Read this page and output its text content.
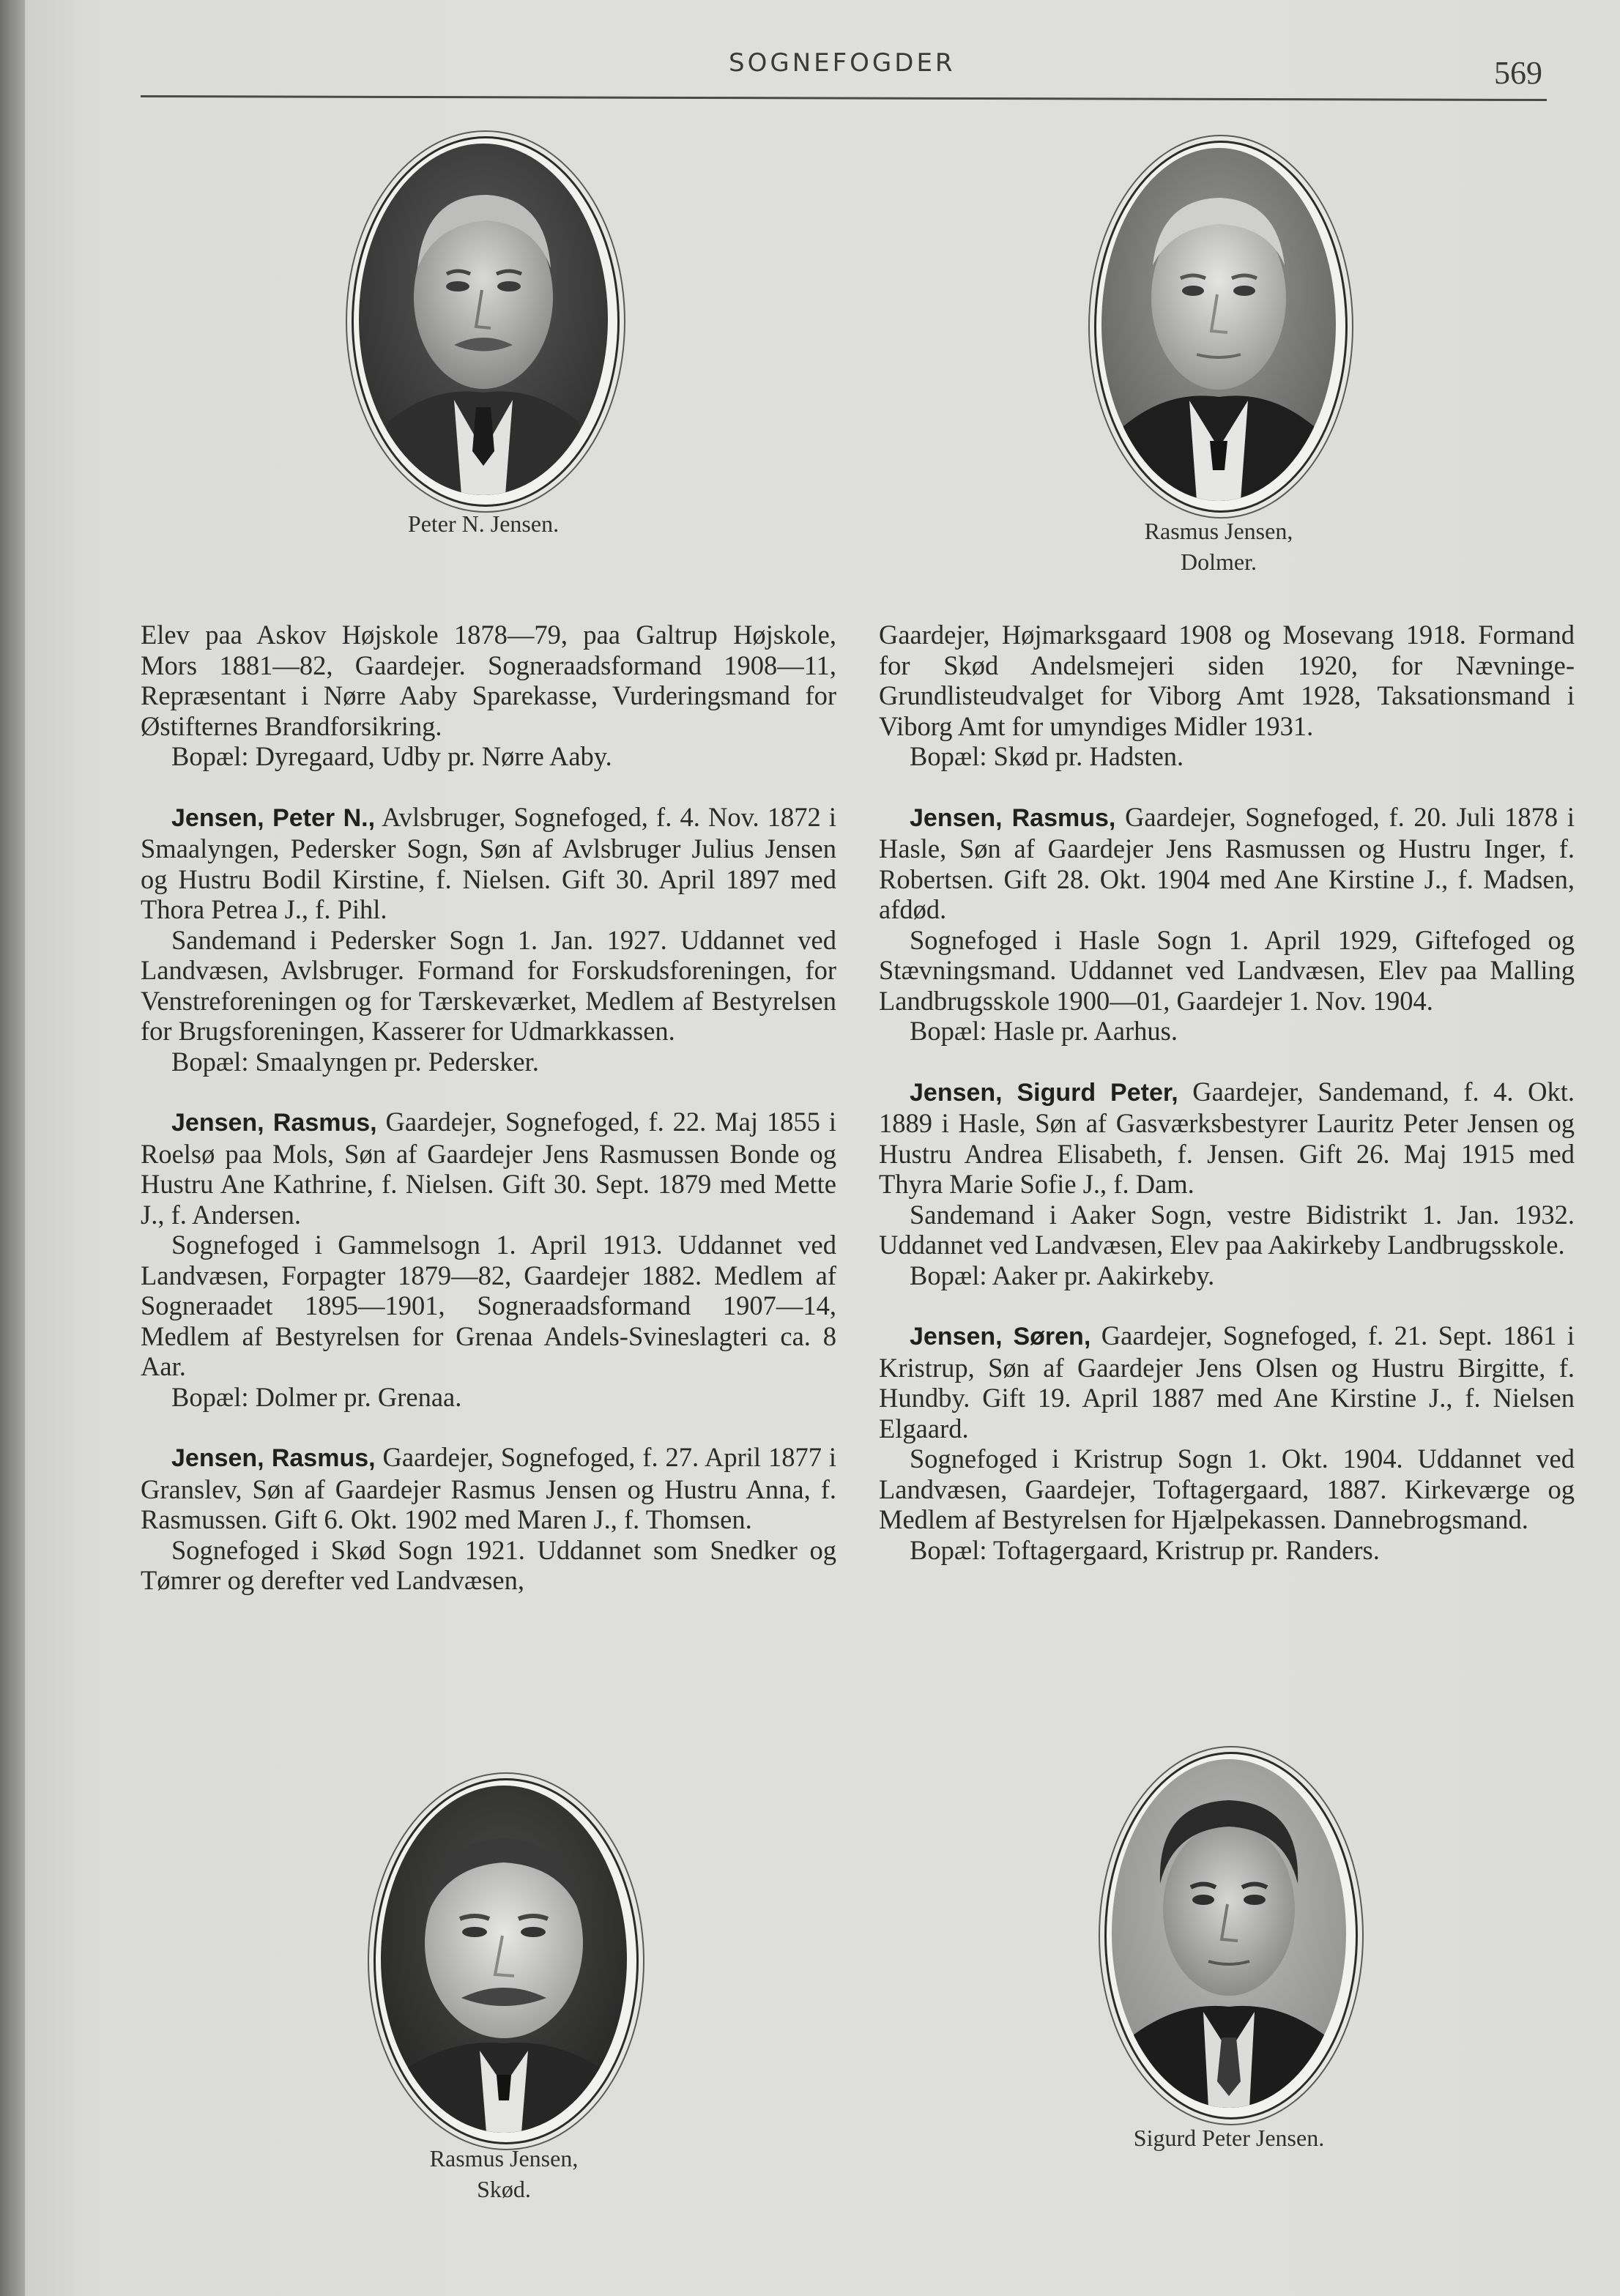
SOGNEFOGDER	569
Peter N. Jensen.	Rasmus Jensen,
Dolmer.

Elev paa Askov Højskole 1878—79, paa Galtrup Højskole, Mors 1881—82, Gaardejer. Sogneraadsformand 1908—11, Repræsentant i Nørre Aaby Sparekasse, Vurderingsmand for Østifternes Brandforsikring.

Bopæl: Dyregaard, Udby pr. Nørre Aaby.

Jensen, Peter N., Avlsbruger, Sognefoged, f. 4. Nov. 1872 i Smaalyngen, Pedersker Sogn, Søn af Avlsbruger Julius Jensen og Hustru Bodil Kirstine, f. Nielsen. Gift 30. April 1897 med Thora Petrea J., f. Pihl.

Sandemand i Pedersker Sogn 1. Jan. 1927. Uddannet ved Landvæsen, Avlsbruger. Formand for Forskudsforeningen, for Venstreforeningen og for Tærskeværket, Medlem af Bestyrelsen for Brugsforeningen, Kasserer for Udmarkkassen.

Bopæl: Smaalyngen pr. Pedersker.

Jensen, Rasmus, Gaardejer, Sognefoged, f. 22. Maj 1855 i Roelsø paa Mols, Søn af Gaardejer Jens Rasmussen Bonde og Hustru Ane Kathrine, f. Nielsen. Gift 30. Sept. 1879 med Mette J., f. Andersen.

Sognefoged i Gammelsogn 1. April 1913. Uddannet ved Landvæsen, Forpagter 1879—82, Gaardejer 1882. Medlem af Sogneraadet 1895—1901, Sogneraadsformand 1907—14, Medlem af Bestyrelsen for Grenaa Andels-Svineslagteri ca. 8 Aar.

Bopæl: Dolmer pr. Grenaa.

Jensen, Rasmus, Gaardejer, Sognefoged, f. 27. April 1877 i Granslev, Søn af Gaardejer Rasmus Jensen og Hustru Anna, f. Rasmussen. Gift 6. Okt. 1902 med Maren J., f. Thomsen.

Sognefoged i Skød Sogn 1921. Uddannet som Snedker og Tømrer og derefter ved Landvæsen,

Gaardejer, Højmarksgaard 1908 og Mosevang 1918. Formand for Skød Andelsmejeri siden 1920, for Nævninge-Grundlisteudvalget for Viborg Amt 1928, Taksationsmand i Viborg Amt for umyndiges Midler 1931.

Bopæl: Skød pr. Hadsten.

Jensen, Rasmus, Gaardejer, Sognefoged, f. 20. Juli 1878 i Hasle, Søn af Gaardejer Jens Rasmussen og Hustru Inger, f. Robertsen. Gift 28. Okt. 1904 med Ane Kirstine J., f. Madsen, afdød.

Sognefoged i Hasle Sogn 1. April 1929, Giftefoged og Stævningsmand. Uddannet ved Landvæsen, Elev paa Malling Landbrugsskole 1900—01, Gaardejer 1. Nov. 1904.

Bopæl: Hasle pr. Aarhus.

Jensen, Sigurd Peter, Gaardejer, Sandemand, f. 4. Okt. 1889 i Hasle, Søn af Gasværksbestyrer Lauritz Peter Jensen og Hustru Andrea Elisabeth, f. Jensen. Gift 26. Maj 1915 med Thyra Marie Sofie J., f. Dam.

Sandemand i Aaker Sogn, vestre Bidistrikt 1. Jan. 1932. Uddannet ved Landvæsen, Elev paa Aakirkeby Landbrugsskole.

Bopæl: Aaker pr. Aakirkeby.

Jensen, Søren, Gaardejer, Sognefoged, f. 21. Sept. 1861 i Kristrup, Søn af Gaardejer Jens Olsen og Hustru Birgitte, f. Hundby. Gift 19. April 1887 med Ane Kirstine J., f. Nielsen Elgaard.

Sognefoged i Kristrup Sogn 1. Okt. 1904. Uddannet ved Landvæsen, Gaardejer, Toftagergaard, 1887. Kirkeværge og Medlem af Bestyrelsen for Hjælpekassen. Dannebrogsmand.

Bopæl: Toftagergaard, Kristrup pr. Randers.

Rasmus Jensen,
Skød.
Sigurd Peter Jensen.
